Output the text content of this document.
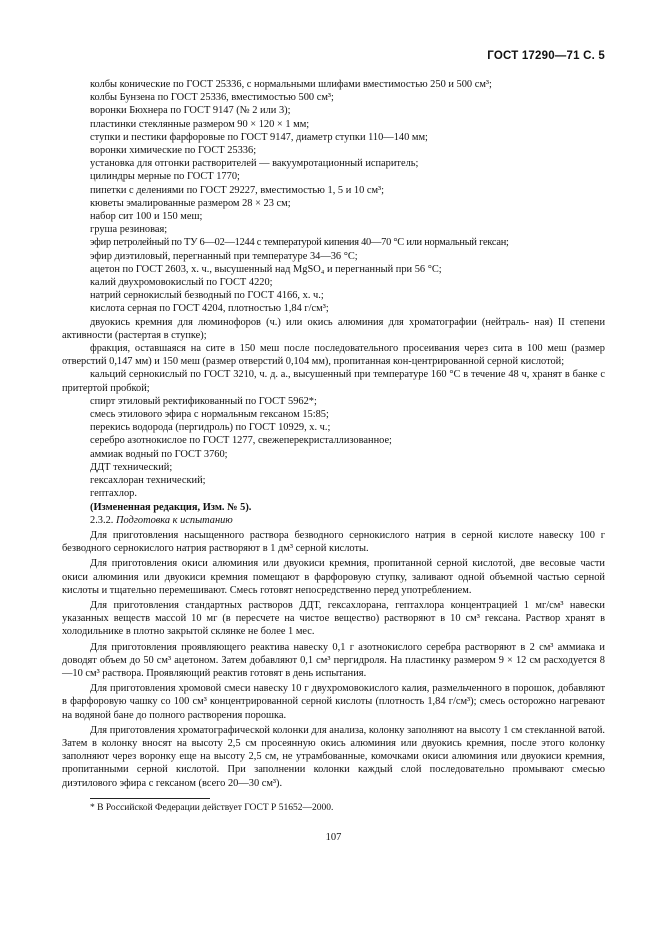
ГОСТ 17290—71 С. 5
колбы конические по ГОСТ 25336, с нормальными шлифами вместимостью 250 и 500 см³;
колбы Бунзена по ГОСТ 25336, вместимостью 500 см³;
воронки Бюхнера по ГОСТ 9147 (№ 2 или 3);
пластинки стеклянные размером 90 × 120 × 1 мм;
ступки и пестики фарфоровые по ГОСТ 9147, диаметр ступки 110—140 мм;
воронки химические по ГОСТ 25336;
установка для отгонки растворителей — вакуумротационный испаритель;
цилиндры мерные по ГОСТ 1770;
пипетки с делениями по ГОСТ 29227, вместимостью 1, 5 и 10 см³;
кюветы эмалированные размером 28 × 23 см;
набор сит 100 и 150 меш;
груша резиновая;
эфир петролейный по ТУ 6—02—1244 с температурой кипения 40—70 °С или нормальный гексан;
эфир диэтиловый, перегнанный при температуре 34—36 °С;
ацетон по ГОСТ 2603, х. ч., высушенный над MgSO₄ и перегнанный при 56 °С;
калий двухромовокислый по ГОСТ 4220;
натрий сернокислый безводный по ГОСТ 4166, х. ч.;
кислота серная по ГОСТ 4204, плотностью 1,84 г/см³;
двуокись кремния для люминофоров (ч.) или окись алюминия для хроматографии (нейтраль- ная) II степени активности (растертая в ступке);
фракция, оставшаяся на сите в 150 меш после последовательного просеивания через сита в 100 меш (размер отверстий 0,147 мм) и 150 меш (размер отверстий 0,104 мм), пропитанная кон-центрированной серной кислотой;
кальций сернокислый по ГОСТ 3210, ч. д. а., высушенный при температуре 160 °С в течение 48 ч, хранят в банке с притертой пробкой;
спирт этиловый ректификованный по ГОСТ 5962*;
смесь этилового эфира с нормальным гексаном 15:85;
перекись водорода (пергидроль) по ГОСТ 10929, х. ч.;
серебро азотнокислое по ГОСТ 1277, свежеперекристаллизованное;
аммиак водный по ГОСТ 3760;
ДДТ технический;
гексахлоран технический;
гептахлор.
(Измененная редакция, Изм. № 5).
2.3.2. Подготовка к испытанию
Для приготовления насыщенного раствора безводного сернокислого натрия в серной кислоте навеску 100 г безводного сернокислого натрия растворяют в 1 дм³ серной кислоты.
Для приготовления окиси алюминия или двуокиси кремния, пропитанной серной кислотой, две весовые части окиси алюминия или двуокиси кремния помещают в фарфоровую ступку, заливают одной объемной частью серной кислоты и тщательно перемешивают. Смесь готовят непосредственно перед употреблением.
Для приготовления стандартных растворов ДДТ, гексахлорана, гептахлора концентрацией 1 мг/см³ навески указанных веществ массой 10 мг (в пересчете на чистое вещество) растворяют в 10 см³ гексана. Раствор хранят в холодильнике в плотно закрытой склянке не более 1 мес.
Для приготовления проявляющего реактива навеску 0,1 г азотнокислого серебра растворяют в 2 см³ аммиака и доводят объем до 50 см³ ацетоном. Затем добавляют 0,1 см³ пергидроля. На пластинку размером 9 × 12 см расходуется 8—10 см³ раствора. Проявляющий реактив готовят в день испытания.
Для приготовления хромовой смеси навеску 10 г двухромовокислого калия, размельченного в порошок, добавляют в фарфоровую чашку со 100 см³ концентрированной серной кислоты (плотность 1,84 г/см³); смесь осторожно нагревают на водяной бане до полного растворения порошка.
Для приготовления хроматографической колонки для анализа, колонку заполняют на высоту 1 см стекланной ватой. Затем в колонку вносят на высоту 2,5 см просеянную окись алюминия или двуокись кремния, после этого колонку заполняют через воронку еще на высоту 2,5 см, не утрамбованные, комочками окиси алюминия или двуокиси кремния, пропитанными серной кислотой. При заполнении колонки каждый слой последовательно промывают смесью диэтилового эфира с гексаном (всего 20—30 см³).
* В Российской Федерации действует ГОСТ Р 51652—2000.
107
